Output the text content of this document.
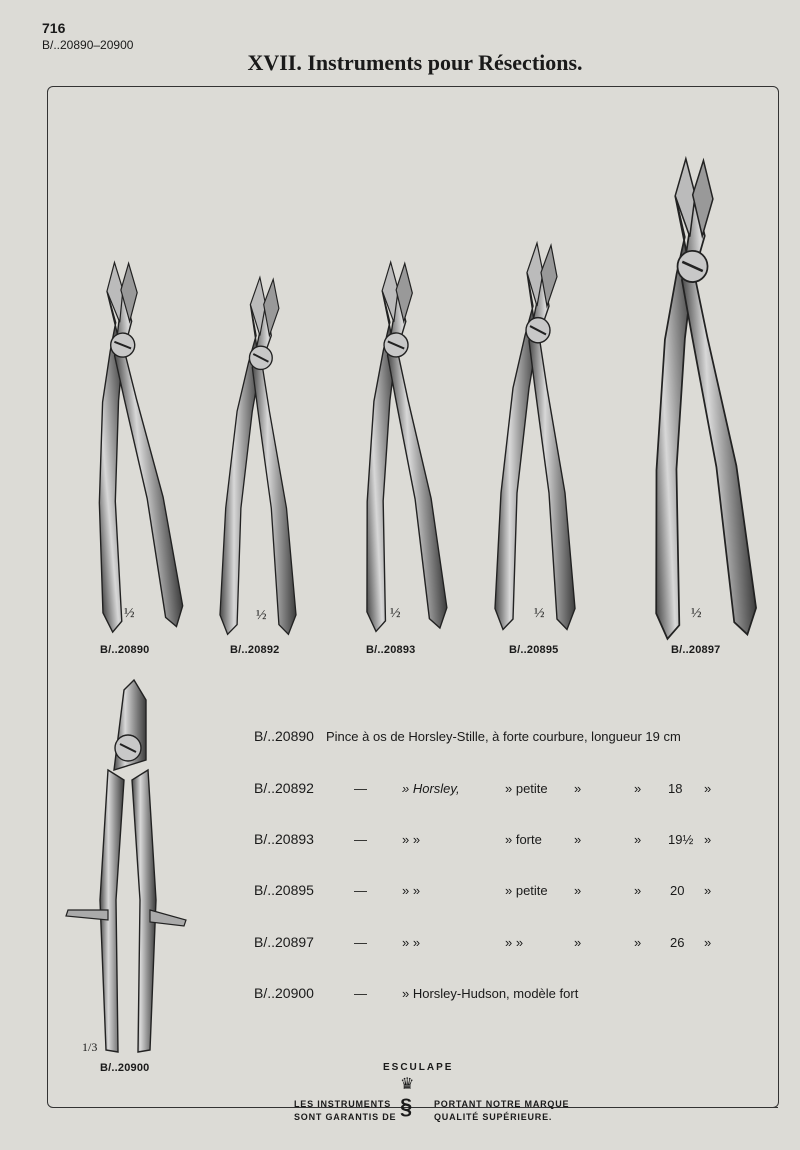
716
B/..20890–20900
XVII. Instruments pour Résections.
½	½	½	½	½
1/3
B/..20890	B/..20892	B/..20893	B/..20895	B/..20897
B/..20900
B/..20890 Pince à os de Horsley-Stille, à forte courbure, longueur 19 cm
B/..20892	—	» Horsley,	» petite »	» 18 »
B/..20893	—	» »	» forte »	» 19½ »
B/..20895	—	» »	» petite »	» 20 »
B/..20897	—	» »	» »	»	» 26 »
B/..20900	—	» Horsley-Hudson, modèle fort
ESCULAPE
♛
§
LES INSTRUMENTS
SONT GARANTIS DE
PORTANT NOTRE MARQUE
QUALITÉ SUPÉRIEURE.
